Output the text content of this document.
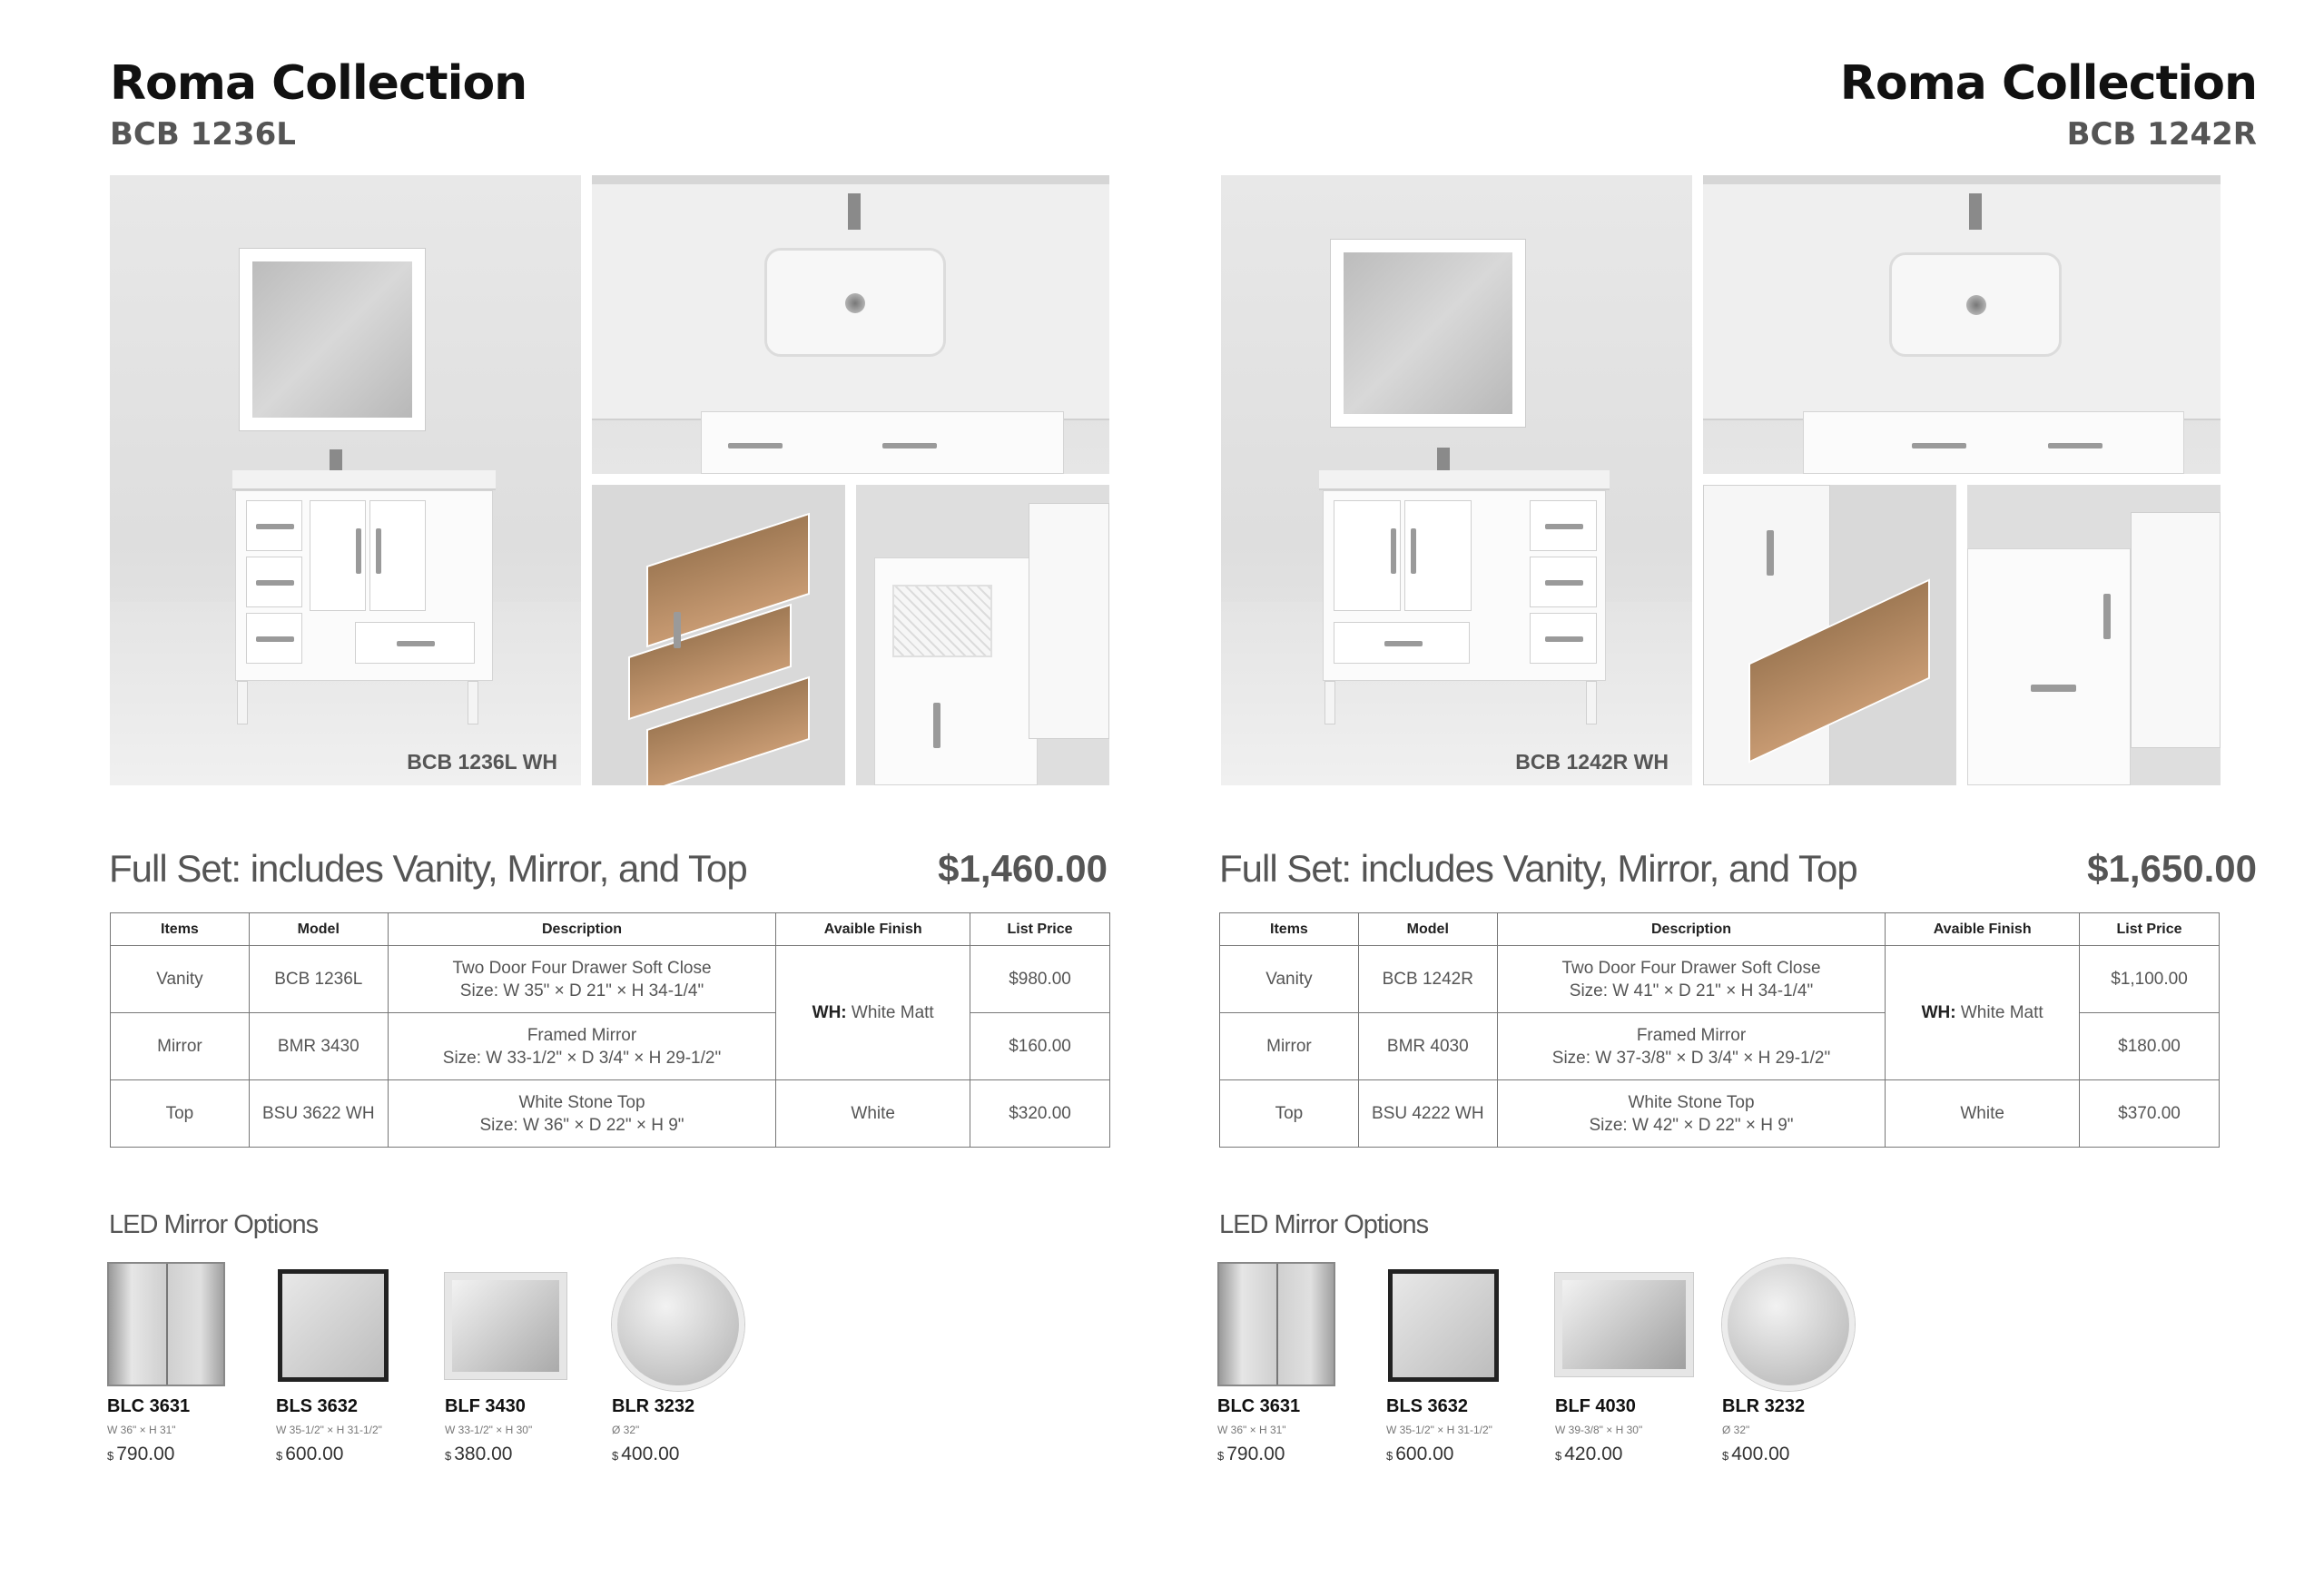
Roma Collection
BCB 1236L
BCB 1236L WH
Full Set: includes Vanity, Mirror, and Top	$1,460.00
Items	Model	Description	Avaible Finish	List Price
Vanity	BCB 1236L	Two Door Four Drawer Soft Close
Size: W 35" × D 21" × H 34-1/4"	WH: White Matt	$980.00
Mirror	BMR 3430	Framed Mirror
Size: W 33-1/2" × D 3/4" × H 29-1/2"		$160.00
Top	BSU 3622 WH	White Stone Top
Size: W 36" × D 22" × H 9"	White	$320.00
LED Mirror Options
BLC 3631
W 36" × H 31"
$ 790.00
BLS 3632
W 35-1/2" × H 31-1/2"
$ 600.00
BLF 3430
W 33-1/2" × H 30"
$ 380.00
BLR 3232
Ø 32"
$ 400.00
Roma Collection
BCB 1242R
BCB 1242R WH
Full Set: includes Vanity, Mirror, and Top	$1,650.00
Items	Model	Description	Avaible Finish	List Price
Vanity	BCB 1242R	Two Door Four Drawer Soft Close
Size: W 41" × D 21" × H 34-1/4"	WH: White Matt	$1,100.00
Mirror	BMR 4030	Framed Mirror
Size: W 37-3/8" × D 3/4" × H 29-1/2"		$180.00
Top	BSU 4222 WH	White Stone Top
Size: W 42" × D 22" × H 9"	White	$370.00
LED Mirror Options
BLC 3631
W 36" × H 31"
$ 790.00
BLS 3632
W 35-1/2" × H 31-1/2"
$ 600.00
BLF 4030
W 39-3/8" × H 30"
$ 420.00
BLR 3232
Ø 32"
$ 400.00
